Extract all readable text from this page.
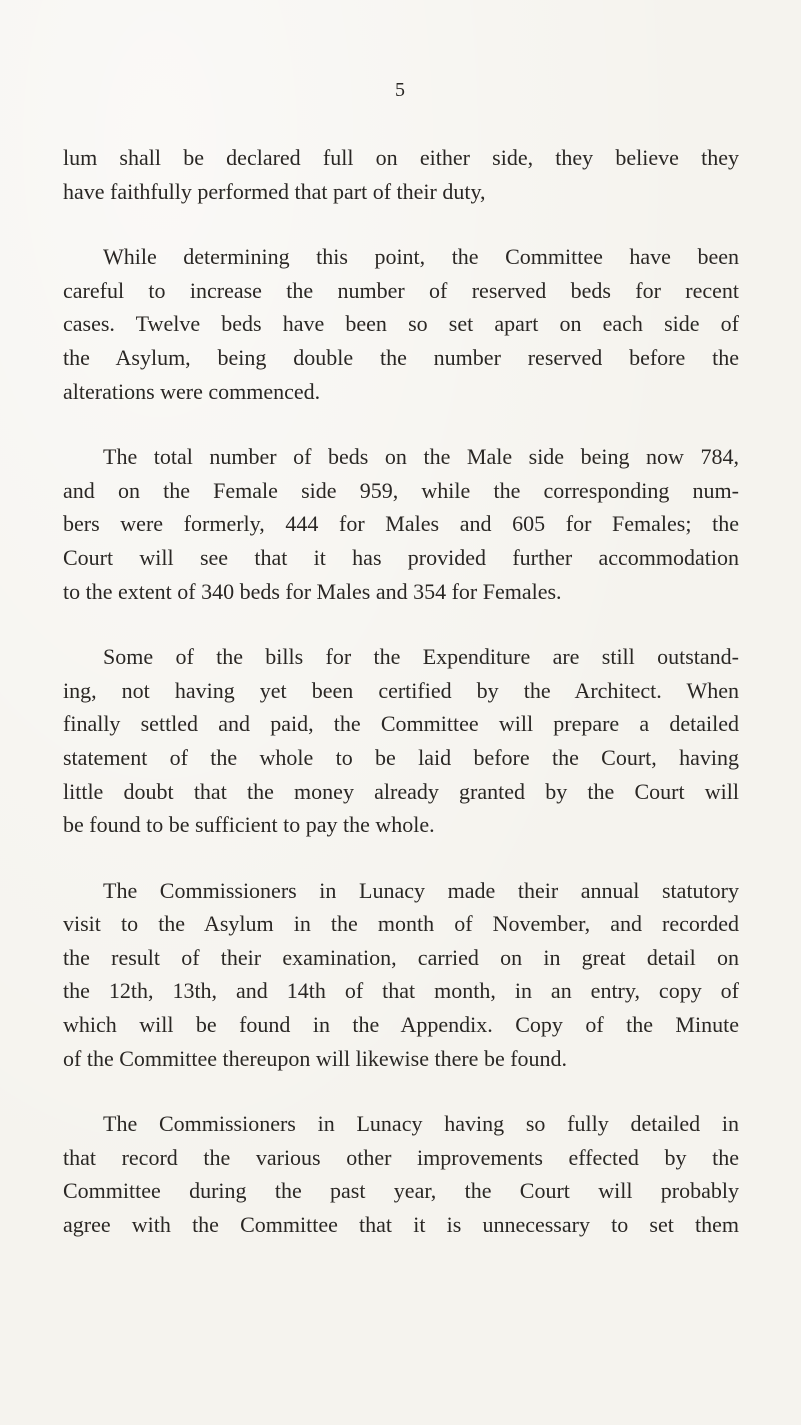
5

lum shall be declared full on either side, they believe they
have faithfully performed that part of their duty,

While determining this point, the Committee have been
careful to increase the number of reserved beds for recent
cases. Twelve beds have been so set apart on each side of
the Asylum, being double the number reserved before the
alterations were commenced.

The total number of beds on the Male side being now 784,
and on the Female side 959, while the corresponding num-
bers were formerly, 444 for Males and 605 for Females; the
Court will see that it has provided further accommodation
to the extent of 340 beds for Males and 354 for Females.

Some of the bills for the Expenditure are still outstand-
ing, not having yet been certified by the Architect. When
finally settled and paid, the Committee will prepare a detailed
statement of the whole to be laid before the Court, having
little doubt that the money already granted by the Court will
be found to be sufficient to pay the whole.

The Commissioners in Lunacy made their annual statutory
visit to the Asylum in the month of November, and recorded
the result of their examination, carried on in great detail on
the 12th, 13th, and 14th of that month, in an entry, copy of
which will be found in the Appendix. Copy of the Minute
of the Committee thereupon will likewise there be found.

The Commissioners in Lunacy having so fully detailed in
that record the various other improvements effected by the
Committee during the past year, the Court will probably
agree with the Committee that it is unnecessary to set them
